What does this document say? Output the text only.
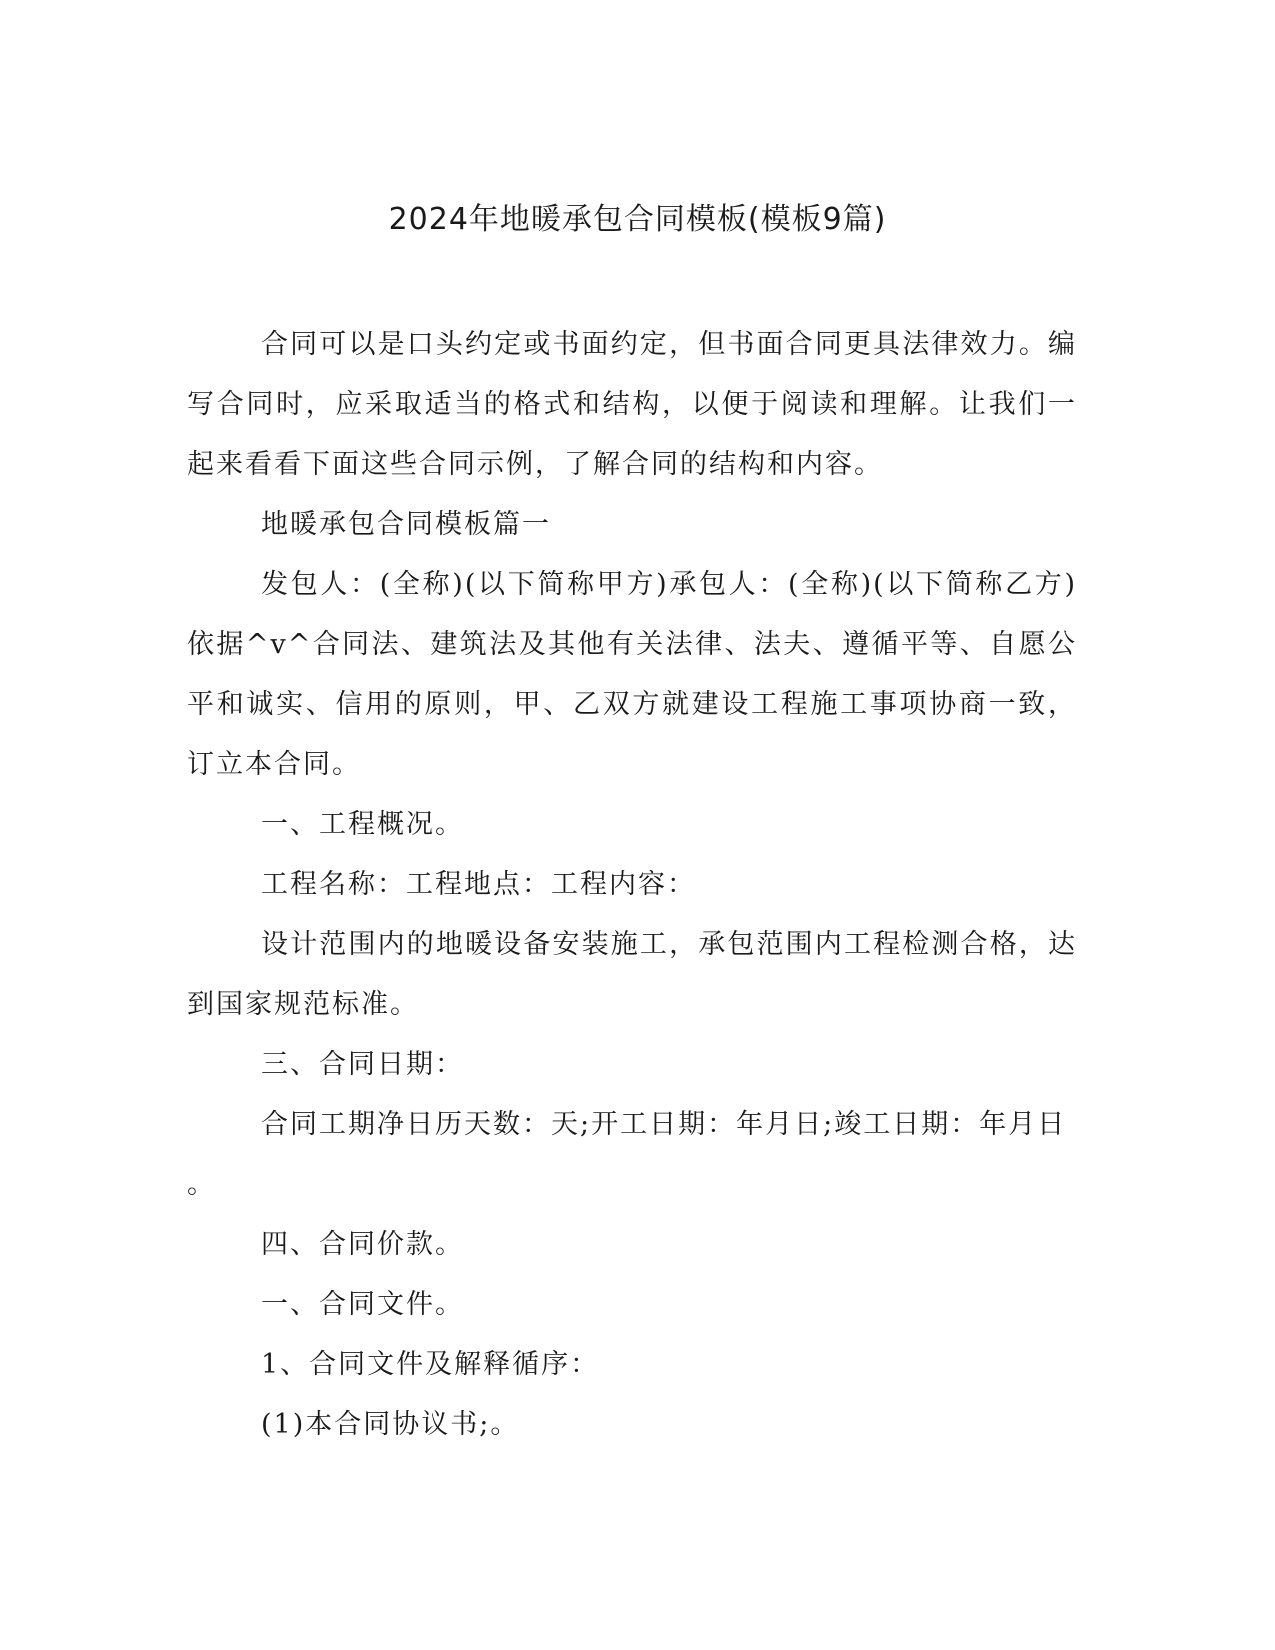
2024年地暖承包合同模板(模板9篇)

合同可以是口头约定或书面约定，但书面合同更具法律效力。编写合同时，应采取适当的格式和结构，以便于阅读和理解。让我们一起来看看下面这些合同示例，了解合同的结构和内容。

地暖承包合同模板篇一

发包人：(全称)(以下简称甲方)承包人：(全称)(以下简称乙方)依据^v^合同法、建筑法及其他有关法律、法夫、遵循平等、自愿公平和诚实、信用的原则，甲、乙双方就建设工程施工事项协商一致，订立本合同。

一、工程概况。

工程名称：工程地点：工程内容：

设计范围内的地暖设备安装施工，承包范围内工程检测合格，达到国家规范标准。

三、合同日期：

合同工期净日历天数：天;开工日期：年月日;竣工日期：年月日

。

四、合同价款。

一、合同文件。

1、合同文件及解释循序：

(1)本合同协议书;。
